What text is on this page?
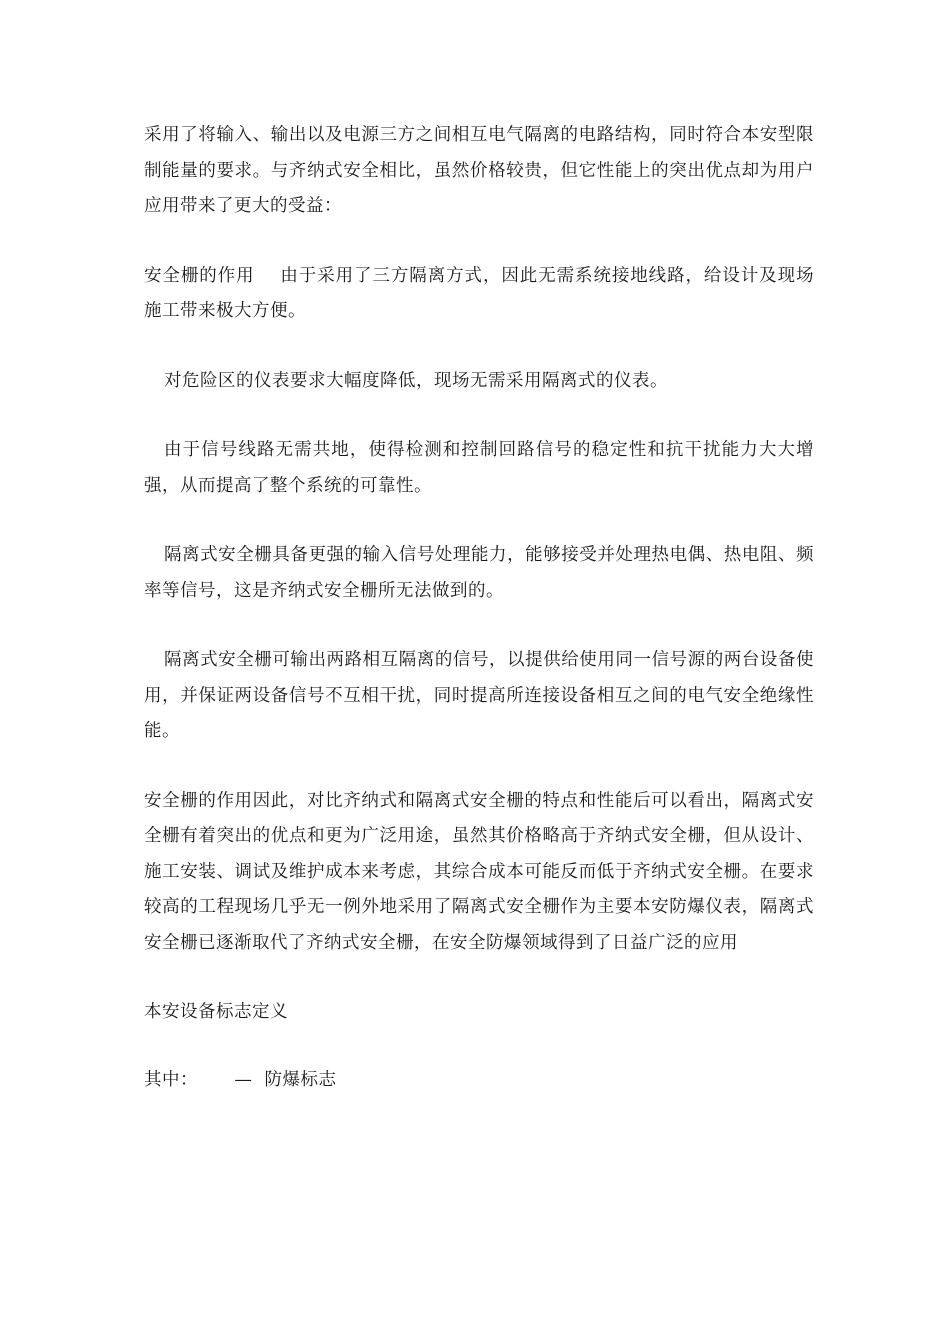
采用了将输入、输出以及电源三方之间相互电气隔离的电路结构，同时符合本安型限制能量的要求。与齐纳式安全相比，虽然价格较贵，但它性能上的突出优点却为用户应用带来了更大的受益：

安全栅的作用    由于采用了三方隔离方式，因此无需系统接地线路，给设计及现场施工带来极大方便。

对危险区的仪表要求大幅度降低，现场无需采用隔离式的仪表。

由于信号线路无需共地，使得检测和控制回路信号的稳定性和抗干扰能力大大增强，从而提高了整个系统的可靠性。

隔离式安全栅具备更强的输入信号处理能力，能够接受并处理热电偶、热电阻、频率等信号，这是齐纳式安全栅所无法做到的。

隔离式安全栅可输出两路相互隔离的信号，以提供给使用同一信号源的两台设备使用，并保证两设备信号不互相干扰，同时提高所连接设备相互之间的电气安全绝缘性能。

安全栅的作用因此，对比齐纳式和隔离式安全栅的特点和性能后可以看出，隔离式安全栅有着突出的优点和更为广泛用途，虽然其价格略高于齐纳式安全栅，但从设计、施工安装、调试及维护成本来考虑，其综合成本可能反而低于齐纳式安全栅。在要求较高的工程现场几乎无一例外地采用了隔离式安全栅作为主要本安防爆仪表，隔离式安全栅已逐渐取代了齐纳式安全栅，在安全防爆领域得到了日益广泛的应用

本安设备标志定义

其中：      —  防爆标志
